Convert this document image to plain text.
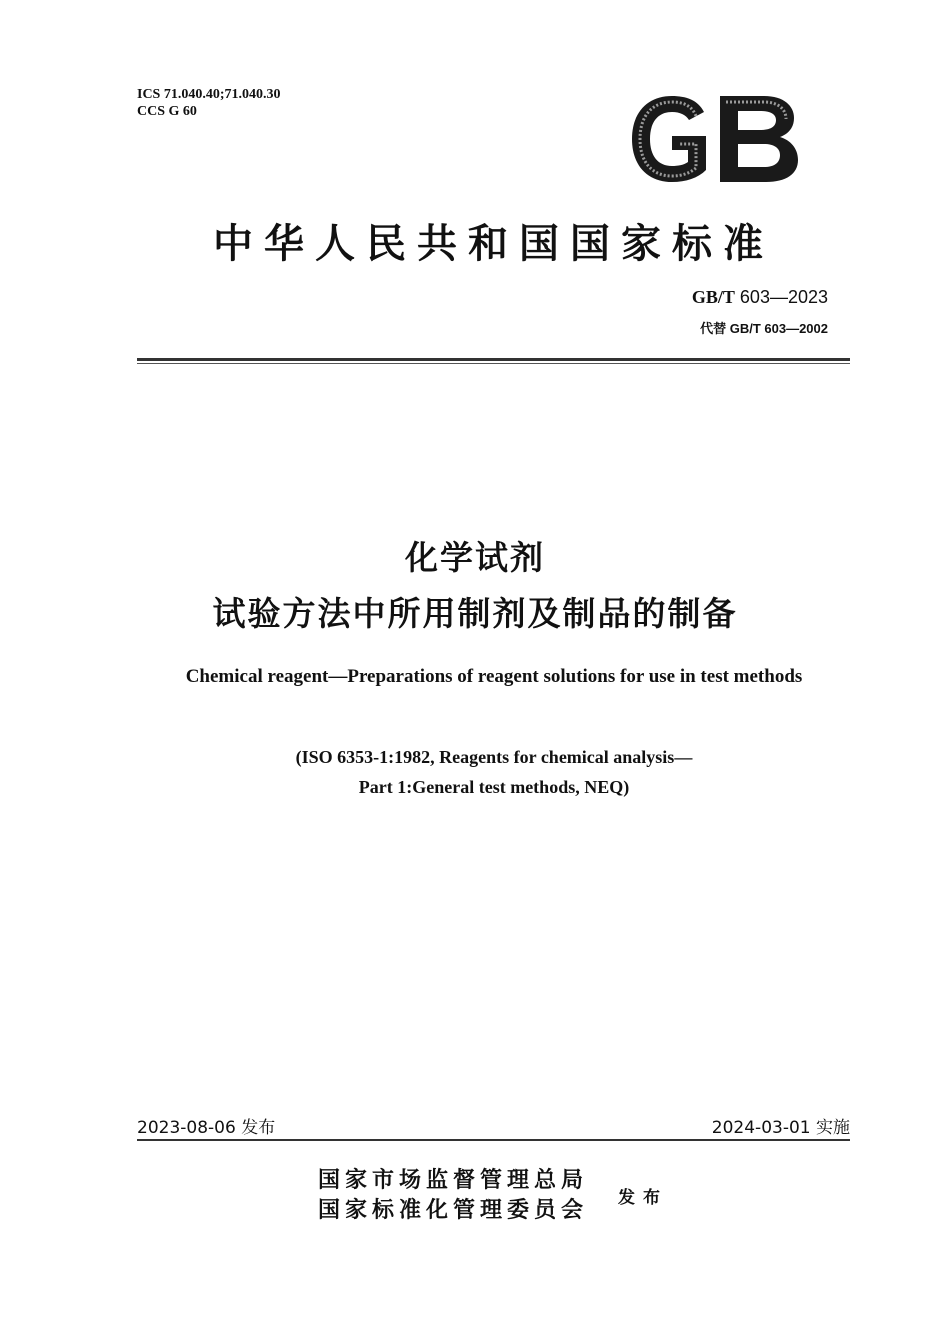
ICS 71.040.40;71.040.30
CCS G 60
中华人民共和国国家标准
GB/T 603—2023
代替 GB/T 603—2002
化学试剂
试验方法中所用制剂及制品的制备
Chemical reagent—Preparations of reagent solutions for use in test methods
(ISO 6353-1:1982, Reagents for chemical analysis—
Part 1:General test methods, NEQ)
2023-08-06 发布	2024-03-01 实施
国家市场监督管理总局
国家标准化管理委员会 发布
